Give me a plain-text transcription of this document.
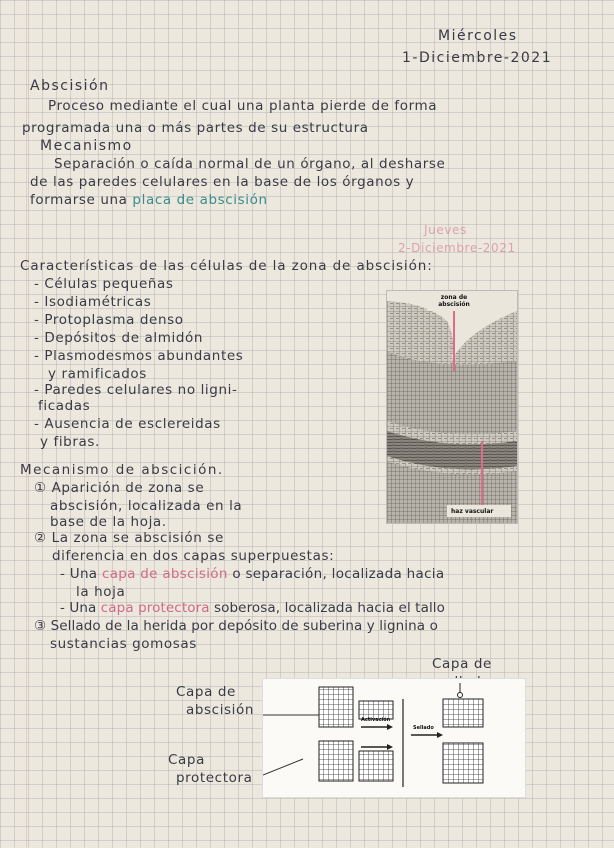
Miércoles
1-Diciembre-2021
Abscisión
Proceso mediante el cual una planta pierde de forma
programada una o más partes de su estructura
Mecanismo
Separación o caída normal de un órgano, al desharse
de las paredes celulares en la base de los órganos y
formarse una placa de abscisión
Jueves
2-Diciembre-2021
Características de las células de la zona de abscisión:
- Células pequeñas
- Isodiamétricas
- Protoplasma denso
- Depósitos de almidón
- Plasmodesmos abundantes
y ramificados
- Paredes celulares no ligni-
ficadas
- Ausencia de esclereidas
y fibras.
zona de abscisión
haz vascular
Mecanismo de abscición.
① Aparición de zona se
abscisión, localizada en la
base de la hoja.
② La zona se abscisión se
diferencia en dos capas superpuestas:
- Una capa de abscisión o separación, localizada hacia
la hoja
- Una capa protectora soberosa, localizada hacia el tallo
③ Sellado de la herida por depósito de suberina y lignina o
sustancias gomosas
Capa de
Capa de
abscisión
Capa
protectora
Activación
Sellado
